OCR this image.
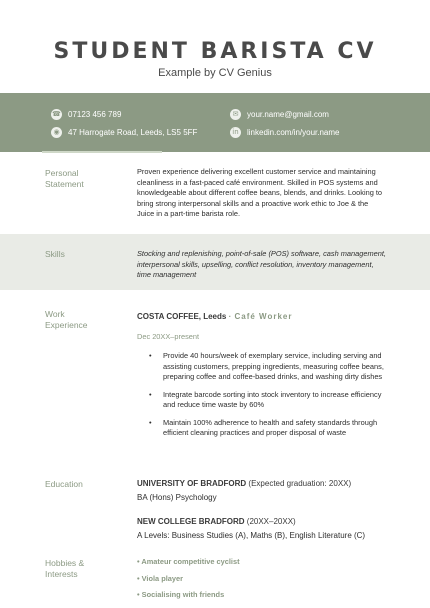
STUDENT BARISTA CV
Example by CV Genius
☎ 07123 456 789	✉	your.name@gmail.com
◉	47 Harrogate Road, Leeds, LS5 5FF	in linkedin.com/in/your.name
Personal Statement
Proven experience delivering excellent customer service and maintaining cleanliness in a fast-paced café environment. Skilled in POS systems and knowledgeable about different coffee beans, blends, and drinks. Looking to bring strong interpersonal skills and a proactive work ethic to Joe & the Juice in a part-time barista role.
Skills	Stocking and replenishing, point-of-sale (POS) software, cash management, interpersonal skills, upselling, conflict resolution, inventory management, time management
Work Experience
COSTA COFFEE, Leeds · Café Worker
Dec 20XX–present
• Provide 40 hours/week of exemplary service, including serving and assisting customers, prepping ingredients, measuring coffee beans, preparing coffee and coffee-based drinks, and washing dirty dishes
• Integrate barcode sorting into stock inventory to increase efficiency and reduce time waste by 60%
• Maintain 100% adherence to health and safety standards through efficient cleaning practices and proper disposal of waste
Education	UNIVERSITY OF BRADFORD (Expected graduation: 20XX)
BA (Hons) Psychology
NEW COLLEGE BRADFORD (20XX–20XX)
A Levels: Business Studies (A), Maths (B), English Literature (C)
Hobbies & Interests
• Amateur competitive cyclist
• Viola player
• Socialising with friends
